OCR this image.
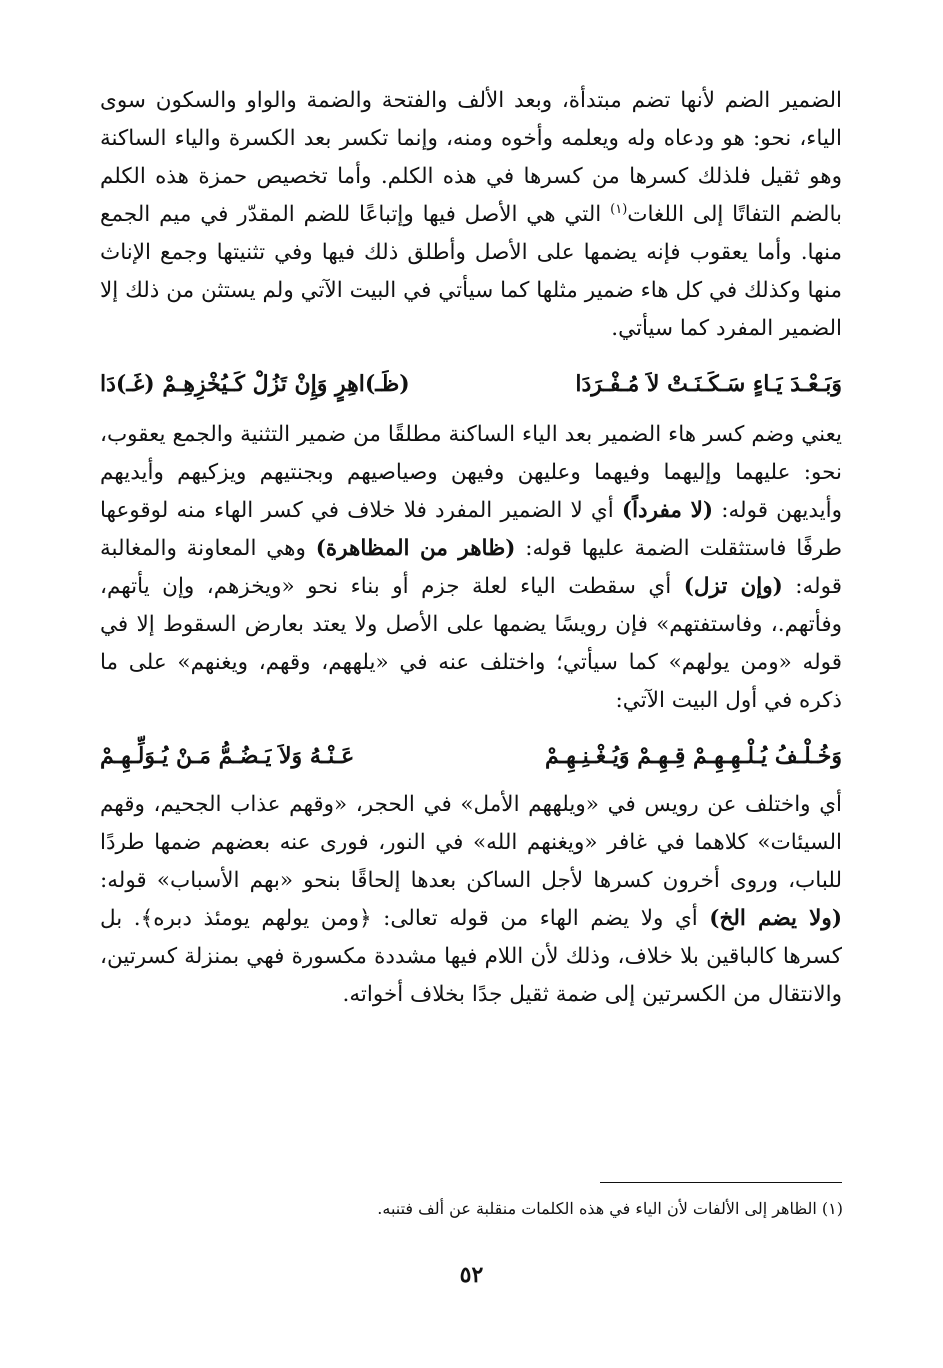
الضمير الضم لأنها تضم مبتدأة، وبعد الألف والفتحة والضمة والواو والسكون سوى الياء، نحو: هو ودعاه وله ويعلمه وأخوه ومنه، وإنما تكسر بعد الكسرة والياء الساكنة وهو ثقيل فلذلك كسرها من كسرها في هذه الكلم. وأما تخصيص حمزة هذه الكلم بالضم التفاتًا إلى اللغات$^{(١)}$ التي هي الأصل فيها وإتباعًا للضم المقدّر في ميم الجمع منها. وأما يعقوب فإنه يضمها على الأصل وأطلق ذلك فيها وفي تثنيتها وجمع الإناث منها وكذلك في كل هاء ضمير مثلها كما سيأتي في البيت الآتي ولم يستثن من ذلك إلا الضمير المفرد كما سيأتي.

وَبَـعْـدَ يَـاءٍ سَـكَـنَـتْ لاَ مُـفْـرَدَا
(ظَـ)اهِرٍ وَإِنْ تَزُلْ كَـيُخْزِهِـمْ (غَـ)دَا

يعني وضم كسر هاء الضمير بعد الياء الساكنة مطلقًا من ضمير التثنية والجمع يعقوب، نحو: عليهما وإليهما وفيهما وعليهن وفيهن وصياصيهم وبجنتيهم ويزكيهم وأيديهم وأيديهن قوله: (لا مفرداً) أي لا الضمير المفرد فلا خلاف في كسر الهاء منه لوقوعها طرفًا فاستثقلت الضمة عليها قوله: (ظاهر من المظاهرة) وهي المعاونة والمغالبة قوله: (وإن تزل) أي سقطت الياء لعلة جزم أو بناء نحو «ويخزهم، وإن يأتهم، وفأتهم.، وفاستفتهم» فإن رويسًا يضمها على الأصل ولا يعتد بعارض السقوط إلا في قوله «ومن يولهم» كما سيأتي؛ واختلف عنه في «يلههم، وقهم، ويغنهم» على ما ذكره في أول البيت الآتي:

وَخُـلْـفُ يُـلْـهِـهِـمْ قِـهِـمْ وَيُـغْـنِـهِـمْ
عَـنْـهُ وَلاَ يَـضُـمُّ مَـنْ يُـوَلِّـهِـمْ

أي واختلف عن رويس في «ويلههم الأمل» في الحجر، «وقهم عذاب الجحيم، وقهم السيئات» كلاهما في غافر «ويغنهم الله» في النور، فورى عنه بعضهم ضمها طردًا للباب، وروى أخرون كسرها لأجل الساكن بعدها إلحاقًا بنحو «بهم الأسباب» قوله: (ولا يضم الخ) أي ولا يضم الهاء من قوله تعالى: ﴿ومن يولهم يومئذ دبره﴾. بل كسرها كالباقين بلا خلاف، وذلك لأن اللام فيها مشددة مكسورة فهي بمنزلة كسرتين، والانتقال من الكسرتين إلى ضمة ثقيل جدًا بخلاف أخواته.

(١) الظاهر إلى الألفات لأن الياء في هذه الكلمات منقلبة عن ألف فتنبه.
٥٢
